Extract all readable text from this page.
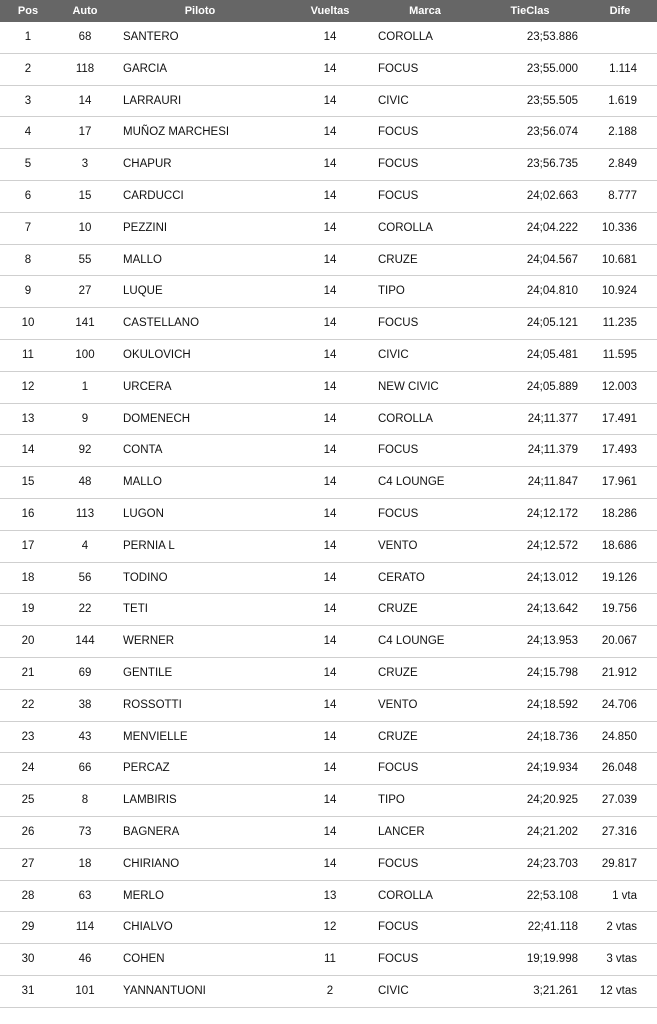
Pos	Auto	Piloto	Vueltas	Marca	TieClas	Dife
1	68	SANTERO	14	COROLLA	23;53.886
2	118	GARCIA	14	FOCUS	23;55.000	1.114
3	14	LARRAURI	14	CIVIC	23;55.505	1.619
4	17	MUÑOZ MARCHESI	14	FOCUS	23;56.074	2.188
5	3	CHAPUR	14	FOCUS	23;56.735	2.849
6	15	CARDUCCI	14	FOCUS	24;02.663	8.777
7	10	PEZZINI	14	COROLLA	24;04.222	10.336
8	55	MALLO	14	CRUZE	24;04.567	10.681
9	27	LUQUE	14	TIPO	24;04.810	10.924
10	141	CASTELLANO	14	FOCUS	24;05.121	11.235
11	100	OKULOVICH	14	CIVIC	24;05.481	11.595
12	1	URCERA	14	NEW CIVIC	24;05.889	12.003
13	9	DOMENECH	14	COROLLA	24;11.377	17.491
14	92	CONTA	14	FOCUS	24;11.379	17.493
15	48	MALLO	14	C4 LOUNGE	24;11.847	17.961
16	113	LUGON	14	FOCUS	24;12.172	18.286
17	4	PERNIA L	14	VENTO	24;12.572	18.686
18	56	TODINO	14	CERATO	24;13.012	19.126
19	22	TETI	14	CRUZE	24;13.642	19.756
20	144	WERNER	14	C4 LOUNGE	24;13.953	20.067
21	69	GENTILE	14	CRUZE	24;15.798	21.912
22	38	ROSSOTTI	14	VENTO	24;18.592	24.706
23	43	MENVIELLE	14	CRUZE	24;18.736	24.850
24	66	PERCAZ	14	FOCUS	24;19.934	26.048
25	8	LAMBIRIS	14	TIPO	24;20.925	27.039
26	73	BAGNERA	14	LANCER	24;21.202	27.316
27	18	CHIRIANO	14	FOCUS	24;23.703	29.817
28	63	MERLO	13	COROLLA	22;53.108	1 vta
29	114	CHIALVO	12	FOCUS	22;41.118	2 vtas
30	46	COHEN	11	FOCUS	19;19.998	3 vtas
31	101	YANNANTUONI	2	CIVIC	3;21.261	12 vtas
